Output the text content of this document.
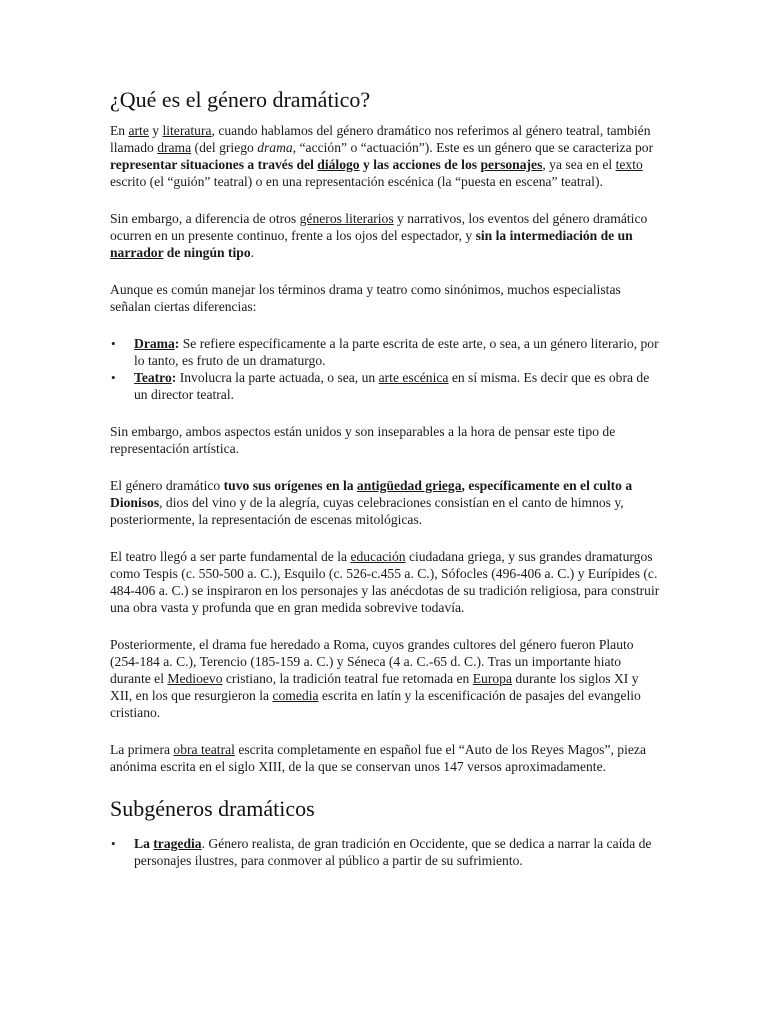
¿Qué es el género dramático?

En arte y literatura, cuando hablamos del género dramático nos referimos al género teatral, también llamado drama (del griego drama, “acción” o “actuación”). Este es un género que se caracteriza por representar situaciones a través del diálogo y las acciones de los personajes, ya sea en el texto escrito (el “guión” teatral) o en una representación escénica (la “puesta en escena” teatral).

Sin embargo, a diferencia de otros géneros literarios y narrativos, los eventos del género dramático ocurren en un presente continuo, frente a los ojos del espectador, y sin la intermediación de un narrador de ningún tipo.

Aunque es común manejar los términos drama y teatro como sinónimos, muchos especialistas señalan ciertas diferencias:

• Drama: Se refiere específicamente a la parte escrita de este arte, o sea, a un género literario, por lo tanto, es fruto de un dramaturgo.
• Teatro: Involucra la parte actuada, o sea, un arte escénica en sí misma. Es decir que es obra de un director teatral.

Sin embargo, ambos aspectos están unidos y son inseparables a la hora de pensar este tipo de representación artística.

El género dramático tuvo sus orígenes en la antigüedad griega, específicamente en el culto a Dionisos, dios del vino y de la alegría, cuyas celebraciones consistían en el canto de himnos y, posteriormente, la representación de escenas mitológicas.

El teatro llegó a ser parte fundamental de la educación ciudadana griega, y sus grandes dramaturgos como Tespis (c. 550-500 a. C.), Esquilo (c. 526-c.455 a. C.), Sófocles (496-406 a. C.) y Eurípides (c. 484-406 a. C.) se inspiraron en los personajes y las anécdotas de su tradición religiosa, para construir una obra vasta y profunda que en gran medida sobrevive todavía.

Posteriormente, el drama fue heredado a Roma, cuyos grandes cultores del género fueron Plauto (254-184 a. C.), Terencio (185-159 a. C.) y Séneca (4 a. C.-65 d. C.). Tras un importante hiato durante el Medioevo cristiano, la tradición teatral fue retomada en Europa durante los siglos XI y XII, en los que resurgieron la comedia escrita en latín y la escenificación de pasajes del evangelio cristiano.

La primera obra teatral escrita completamente en español fue el “Auto de los Reyes Magos”, pieza anónima escrita en el siglo XIII, de la que se conservan unos 147 versos aproximadamente.

Subgéneros dramáticos
• La tragedia. Género realista, de gran tradición en Occidente, que se dedica a narrar la caída de personajes ilustres, para conmover al público a partir de su sufrimiento.
